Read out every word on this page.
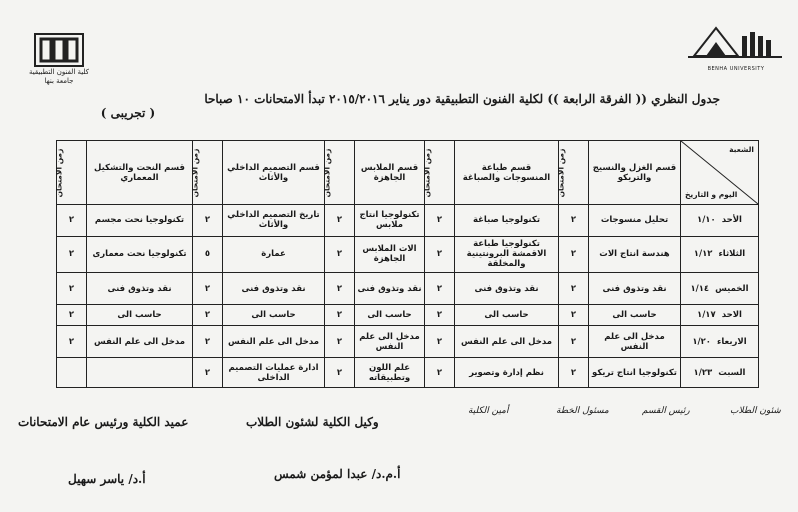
كلية الفنون التطبيقية
جامعة بنها
BENHA UNIVERSITY
جدول النظري (( الفرقة الرابعة )) لكلية الفنون التطبيقية دور يناير ٢٠١٥/٢٠١٦ تبدأ الامتحانات ١٠ صباحا
( تجريبى )
الشعبة
اليوم و التاريخ	قسم الغزل والنسيج والتريكو	زمن الامتحان	قسم طباعة المنسوجات والصباغة	زمن الامتحان	قسم الملابس الجاهزة	زمن الامتحان	قسم التصميم الداخلي والأثاث	زمن الامتحان	قسم النحت والتشكيل المعماري	زمن الامتحان
الأحد١/١٠	تحليل منسوجات	٢	تكنولوجيا صباغة	٢	تكنولوجيا انتاج ملابس	٢	تاريخ التصميم الداخلي والأثاث	٢	تكنولوجيا نحت مجسم	٢
الثلاثاء١/١٢	هندسة انتاج الات	٢	تكنولوجيا طباعة الاقمشة البرونتينية والمخلقة	٢	الات الملابس الجاهزة	٢	عمارة	٥	تكنولوجيا نحت معمارى	٢
الخميس١/١٤	نقد وتذوق فنى	٢	نقد وتذوق فنى	٢	نقد وتذوق فنى	٢	نقد وتذوق فنى	٢	نقد وتذوق فنى	٢
الاحد١/١٧	حاسب الى	٢	حاسب الى	٢	حاسب الى	٢	حاسب الى	٢	حاسب الى	٢
الاربعاء١/٢٠	مدخل الى علم النفس	٢	مدخل الى علم النفس	٢	مدخل الى علم النفس	٢	مدخل الى علم النفس	٢	مدخل الى علم النفس	٢
السبت١/٢٣	تكنولوجيا انتاج تريكو	٢	نظم إدارة وتصوير	٢	علم اللون وتطبيقاته	٢	ادارة عمليات التصميم الداخلى	٢		
شئون الطلاب
رئيس القسم
مسئول الخطة
أمين الكلية
وكيل الكلية لشئون الطلاب
عميد الكلية ورئيس عام الامتحانات
أ.م.د/ عبدا لمؤمن شمس
أ.د/ ياسر سهيل
